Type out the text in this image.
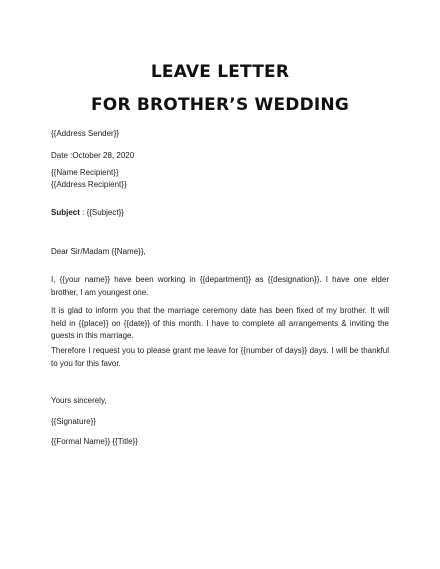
LEAVE LETTER
FOR BROTHER’S WEDDING
{{Address Sender}}
Date :October 28, 2020
{{Name Recipient}}
{{Address Recipient}}
Subject : {{Subject}}
Dear Sir/Madam {{Name}},
I, {{your name}} have been working in {{department}} as {{designation}}. I have one elder brother, I am youngest one.
It is glad to inform you that the marriage ceremony date has been fixed of my brother. It will held in {{place}} on {{date}} of this month. I have to complete all arrangements & inviting the guests in this marriage.
Therefore I request you to please grant me leave for {{number of days}} days. I will be thankful to you for this favor.
Yours sincerely,
{{Signature}}
{{Formal Name}} {{Title}}
